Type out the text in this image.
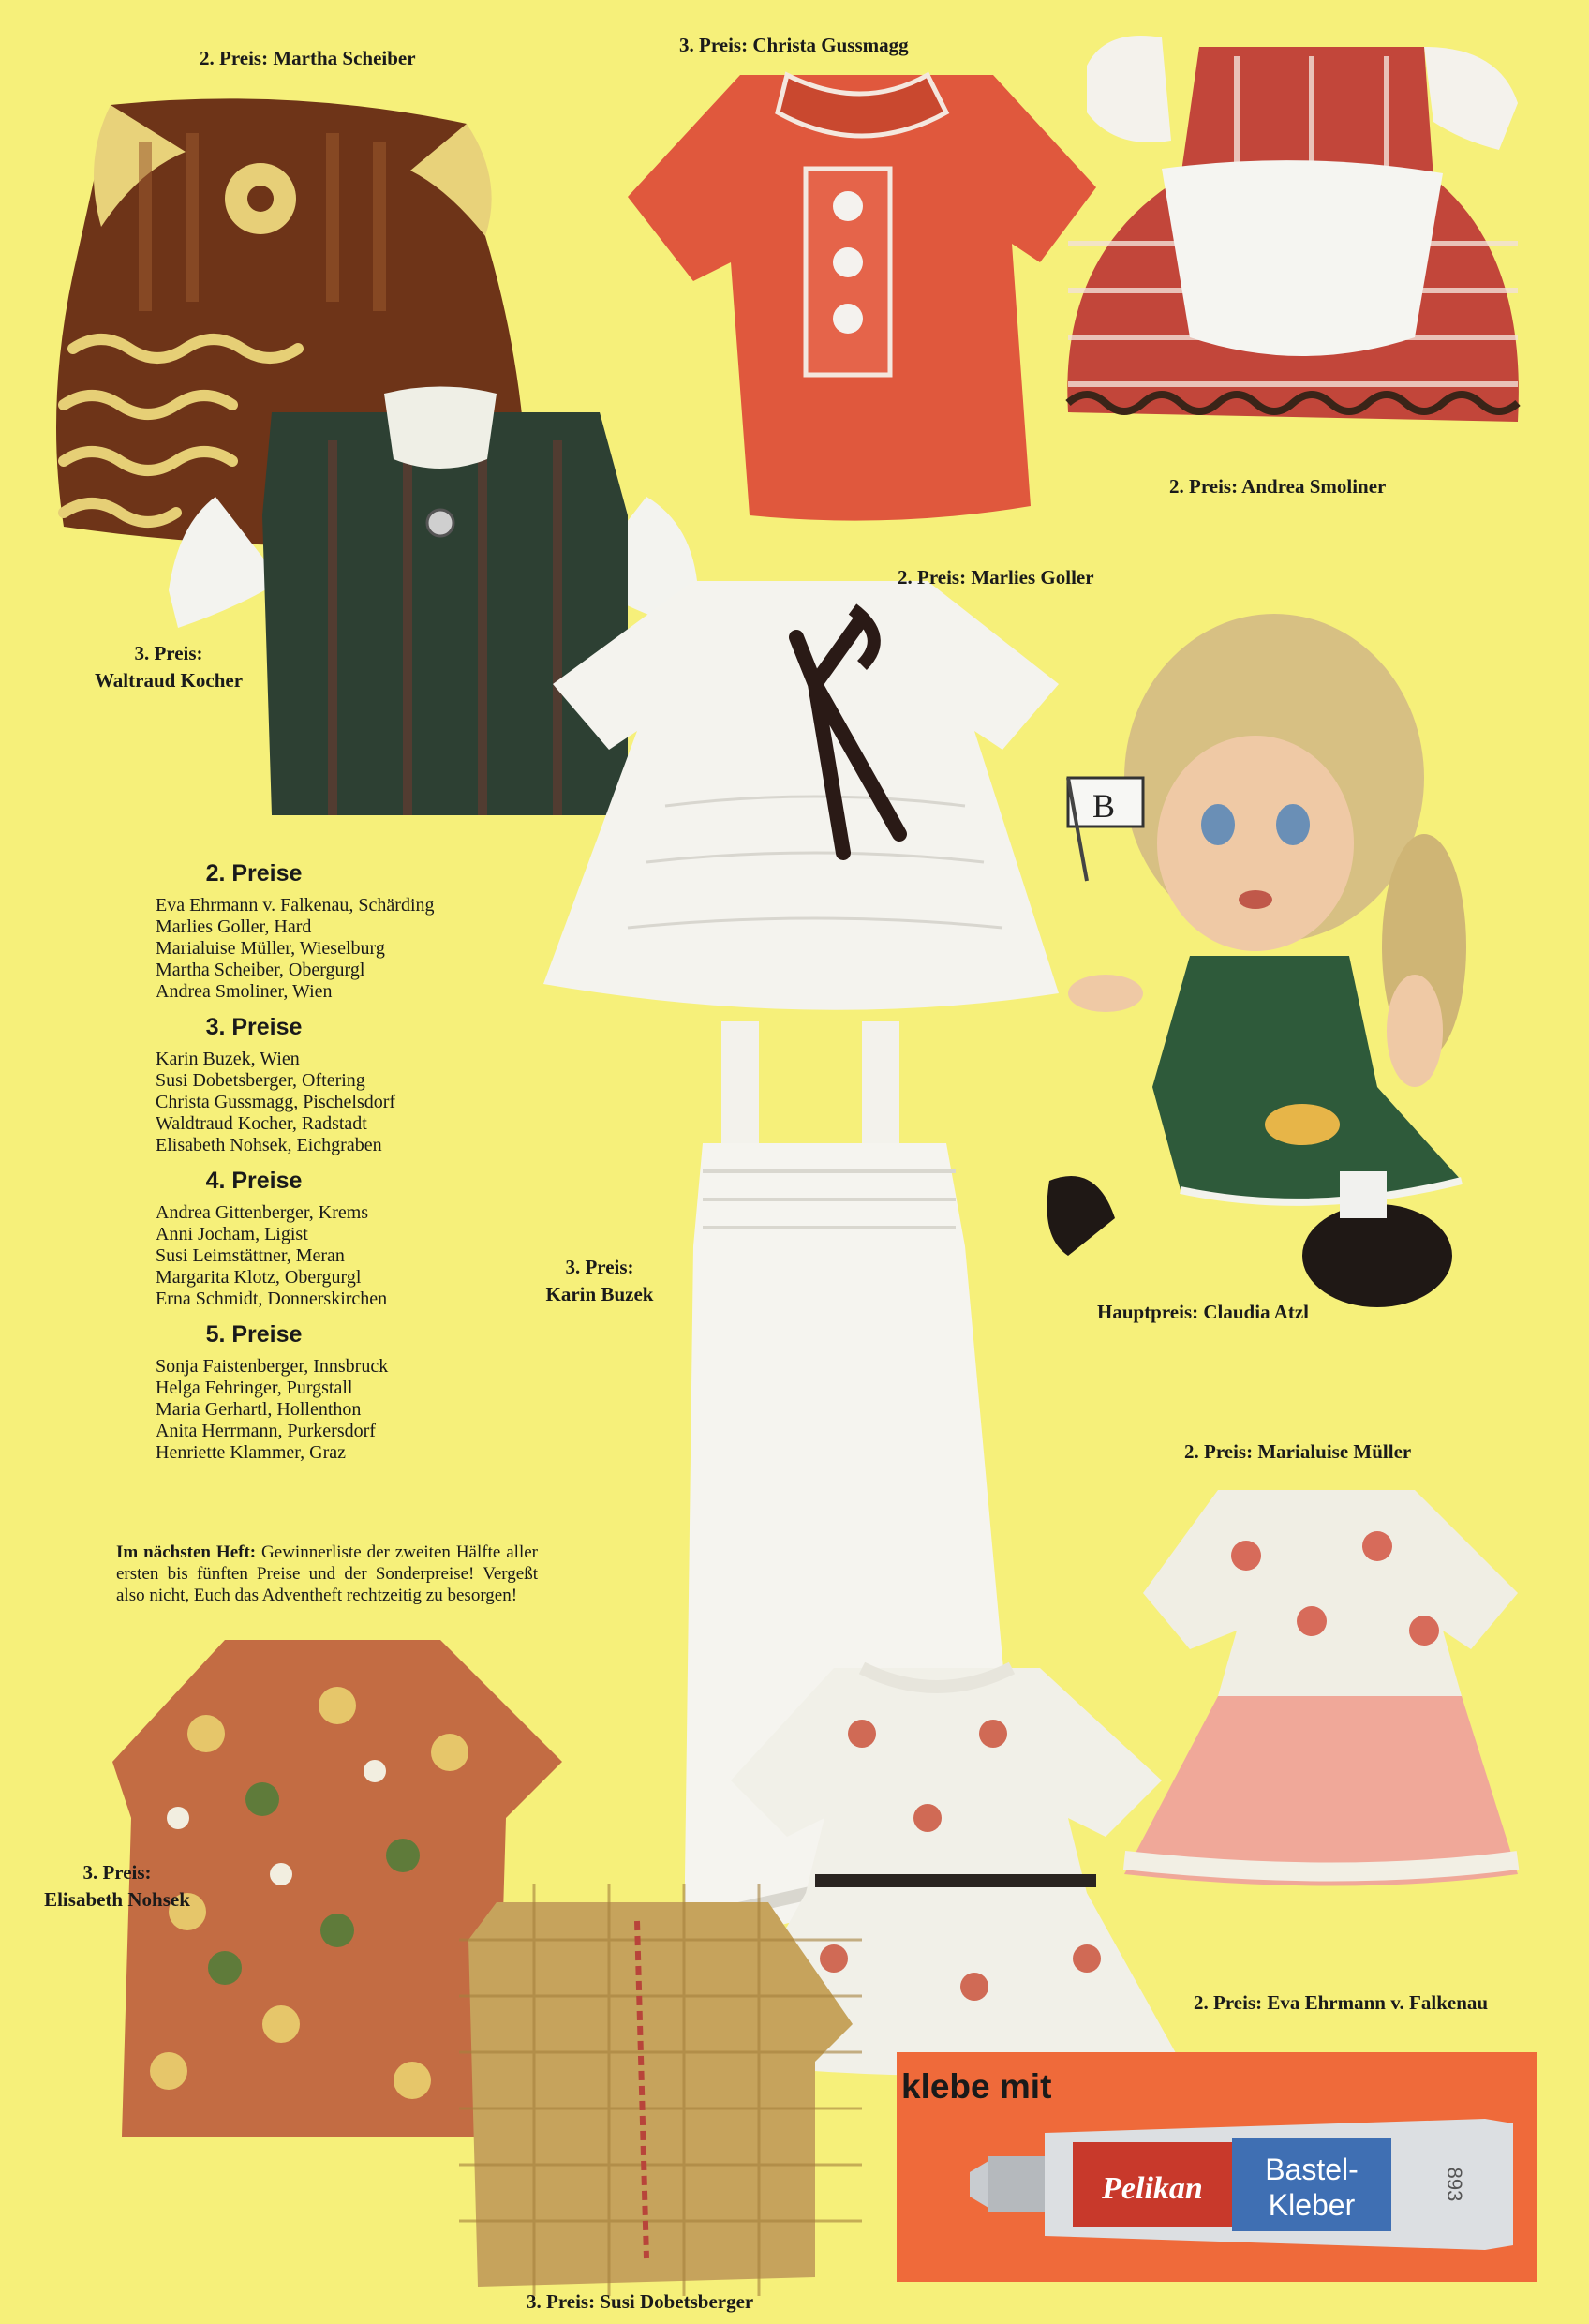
B
2. Preis: Martha Scheiber
3. Preis: Christa Gussmagg
2. Preis: Andrea Smoliner
2. Preis: Marlies Goller
3. Preis:
Waltraud Kocher
3. Preis:
Karin Buzek
Hauptpreis: Claudia Atzl
2. Preis: Marialuise Müller
3. Preis:
Elisabeth Nohsek
2. Preis: Eva Ehrmann v. Falkenau
3. Preis: Susi Dobetsberger
2. Preise
Eva Ehrmann v. Falkenau, Schärding
Marlies Goller, Hard
Marialuise Müller, Wieselburg
Martha Scheiber, Obergurgl
Andrea Smoliner, Wien
3. Preise
Karin Buzek, Wien
Susi Dobetsberger, Oftering
Christa Gussmagg, Pischelsdorf
Waldtraud Kocher, Radstadt
Elisabeth Nohsek, Eichgraben
4. Preise
Andrea Gittenberger, Krems
Anni Jocham, Ligist
Susi Leimstättner, Meran
Margarita Klotz, Obergurgl
Erna Schmidt, Donnerskirchen
5. Preise
Sonja Faistenberger, Innsbruck
Helga Fehringer, Purgstall
Maria Gerhartl, Hollenthon
Anita Herrmann, Purkersdorf
Henriette Klammer, Graz
Im nächsten Heft: Gewinnerliste der zweiten Hälfte aller ersten bis fünften Preise und der Sonderpreise! Vergeßt also nicht, Euch das Adventheft rechtzeitig zu besorgen!
klebe mit
Pelikan
Bastel-
Kleber
893
